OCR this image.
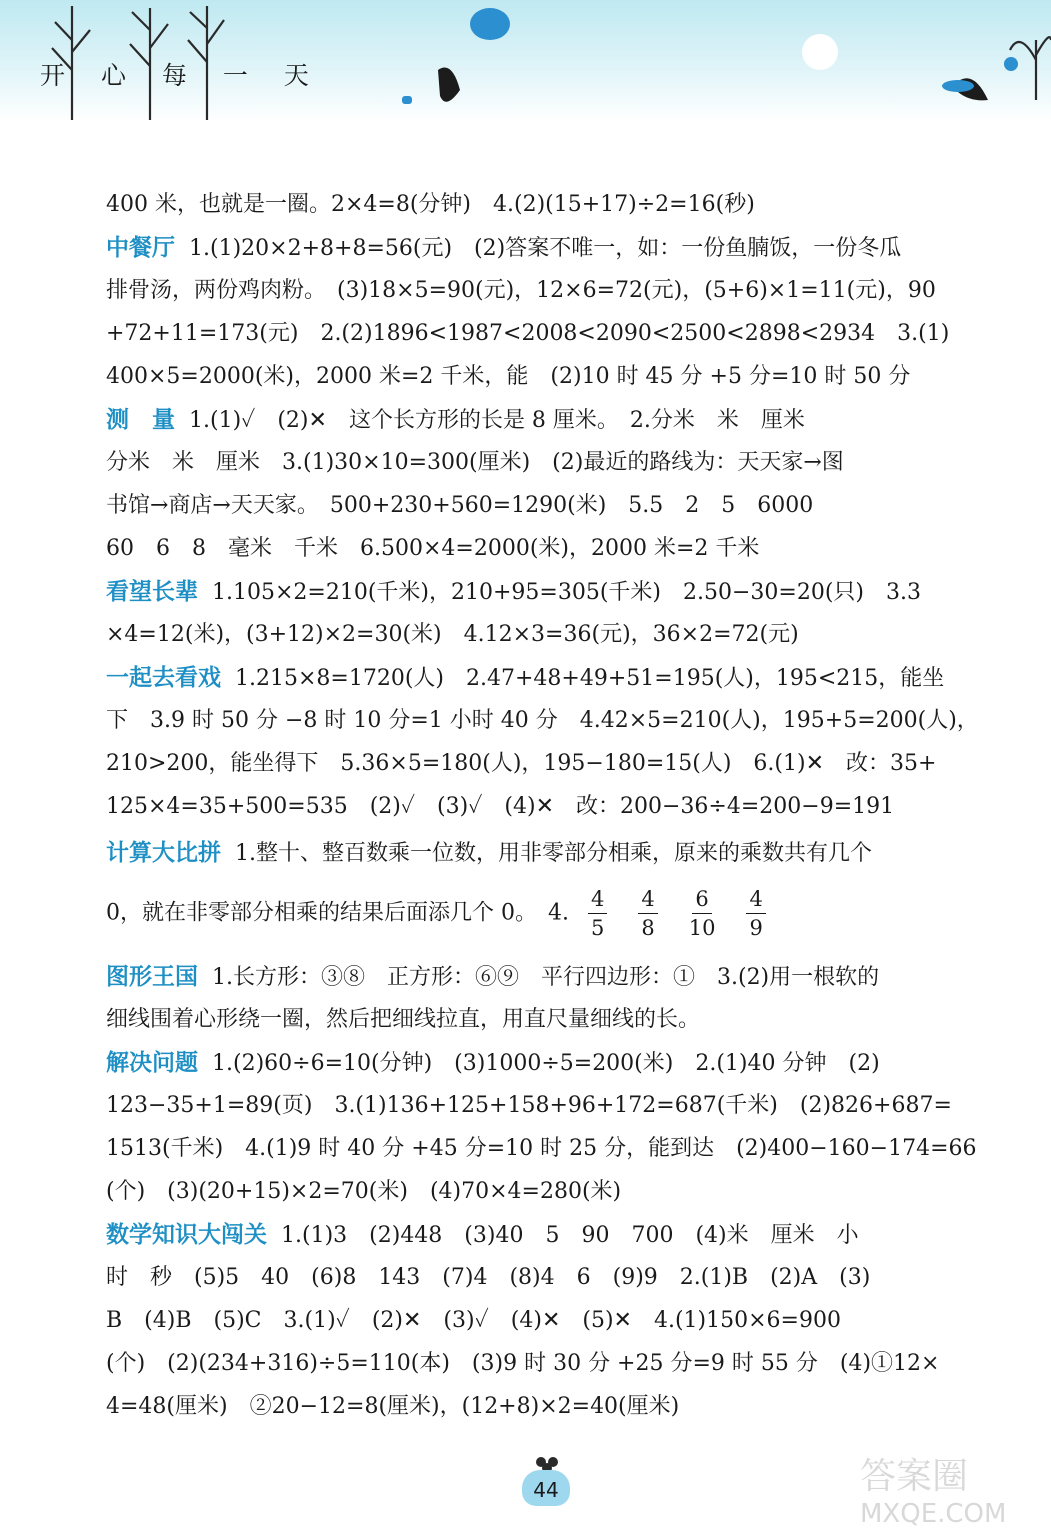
开 心 每 一 天
400 米，也就是一圈。2×4=8(分钟)　4.(2)(15+17)÷2=16(秒)
中餐厅 1.(1)20×2+8+8=56(元)　(2)答案不唯一，如：一份鱼腩饭，一份冬瓜
排骨汤，两份鸡肉粉。　(3)18×5=90(元)，12×6=72(元)，(5+6)×1=11(元)，90
+72+11=173(元)　2.(2)1896<1987<2008<2090<2500<2898<2934　3.(1)
400×5=2000(米)，2000 米=2 千米，能　(2)10 时 45 分 +5 分=10 时 50 分
测　量 1.(1)✓　(2)✕　这个长方形的长是 8 厘米。　2.分米　米　厘米
分米　米　厘米　3.(1)30×10=300(厘米)　(2)最近的路线为：天天家→图
书馆→商店→天天家。　500+230+560=1290(米)　5.5　2　5　6000
60　6　8　毫米　千米　6.500×4=2000(米)，2000 米=2 千米
看望长辈 1.105×2=210(千米)，210+95=305(千米)　2.50−30=20(只)　3.3
×4=12(米)，(3+12)×2=30(米)　4.12×3=36(元)，36×2=72(元)
一起去看戏 1.215×8=1720(人)　2.47+48+49+51=195(人)，195<215，能坐
下　3.9 时 50 分 −8 时 10 分=1 小时 40 分　4.42×5=210(人)，195+5=200(人)，
210>200，能坐得下　5.36×5=180(人)，195−180=15(人)　6.(1)✕　改：35+
125×4=35+500=535　(2)✓　(3)✓　(4)✕　改：200−36÷4=200−9=191
计算大比拼 1.整十、整百数乘一位数，用非零部分相乘，原来的乘数共有几个
0，就在非零部分相乘的结果后面添几个 0。　4. $\frac{4}{5}$
$\frac{4}{8}$
$\frac{6}{10}$
$\frac{4}{9}$
图形王国 1.长方形：③⑧　正方形：⑥⑨　平行四边形：①　3.(2)用一根软的
细线围着心形绕一圈，然后把细线拉直，用直尺量细线的长。
解决问题 1.(2)60÷6=10(分钟)　(3)1000÷5=200(米)　2.(1)40 分钟　(2)
123−35+1=89(页)　3.(1)136+125+158+96+172=687(千米)　(2)826+687=
1513(千米)　4.(1)9 时 40 分 +45 分=10 时 25 分，能到达　(2)400−160−174=66
(个)　(3)(20+15)×2=70(米)　(4)70×4=280(米)
数学知识大闯关 1.(1)3　(2)448　(3)40　5　90　700　(4)米　厘米　小
时　秒　(5)5　40　(6)8　143　(7)4　(8)4　6　(9)9　2.(1)B　(2)A　(3)
B　(4)B　(5)C　3.(1)✓　(2)✕　(3)✓　(4)✕　(5)✕　4.(1)150×6=900
(个)　(2)(234+316)÷5=110(本)　(3)9 时 30 分 +25 分=9 时 55 分　(4)①12×
4=48(厘米)　②20−12=8(厘米)，(12+8)×2=40(厘米)
44	答案圈
MXQE.COM
